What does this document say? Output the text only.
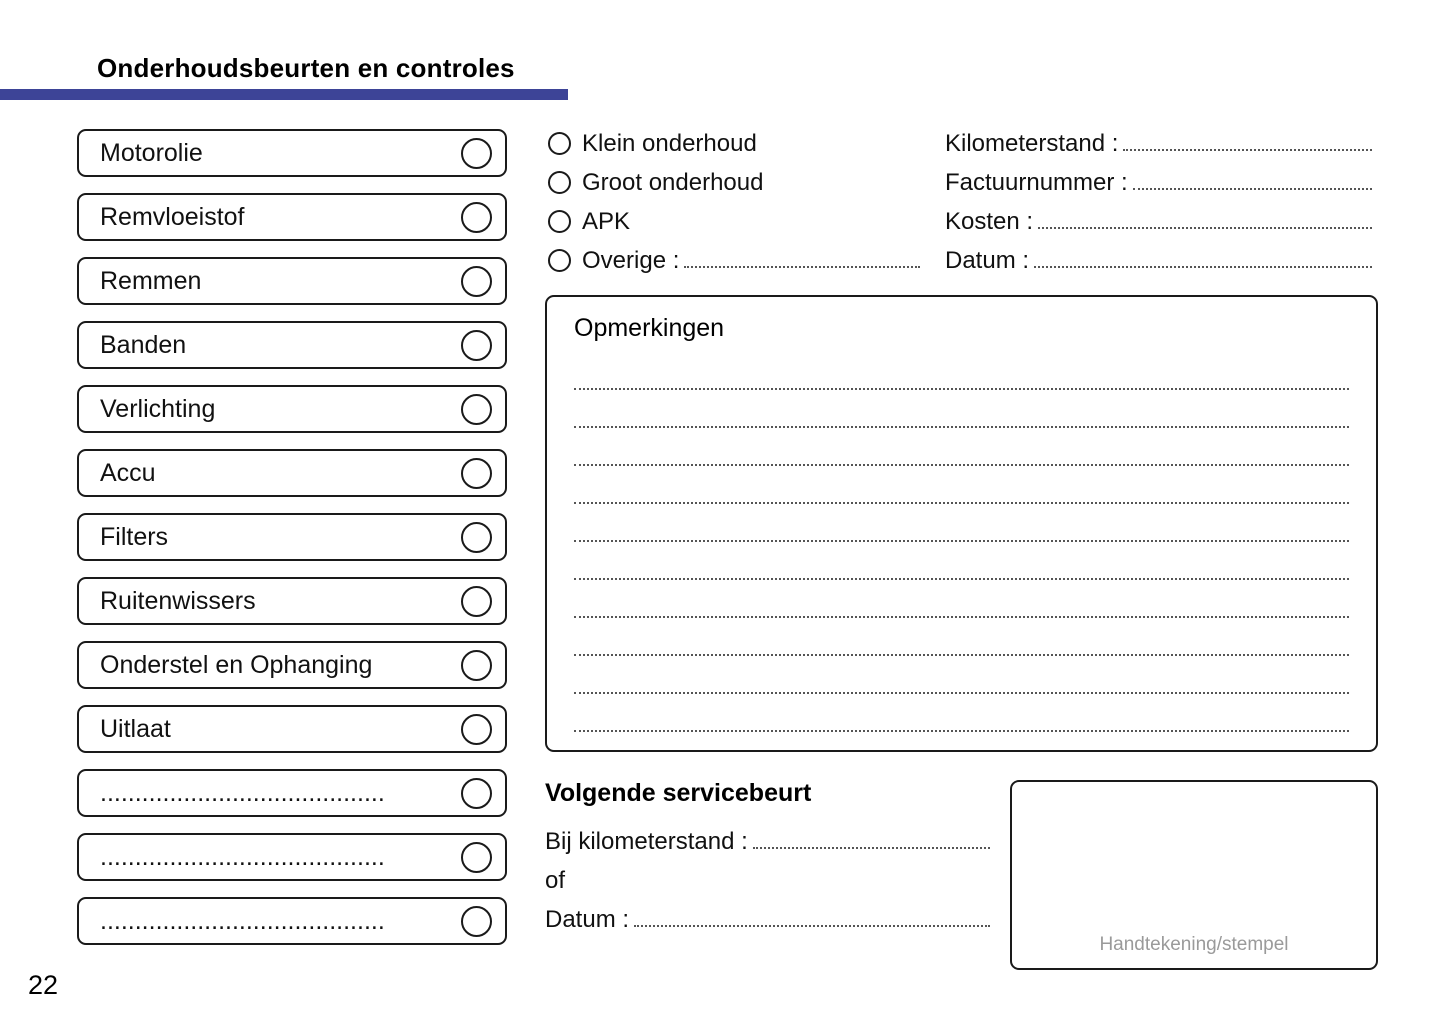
Onderhoudsbeurten en controles
Motorolie
Remvloeistof
Remmen
Banden
Verlichting
Accu
Filters
Ruitenwissers
Onderstel en Ophanging
Uitlaat
.........................................
.........................................
.........................................
Klein onderhoud
Groot onderhoud
APK
Overige :
Kilometerstand :
Factuurnummer :
Kosten :
Datum :
Opmerkingen
Volgende servicebeurt
Bij kilometerstand :
of
Datum :
Handtekening/stempel
22
